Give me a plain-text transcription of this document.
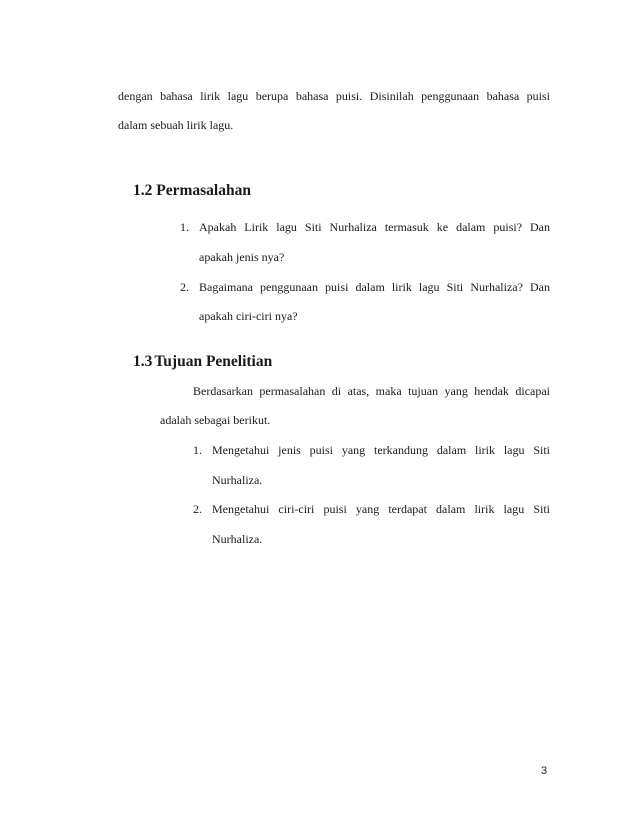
dengan bahasa lirik lagu berupa bahasa puisi. Disinilah penggunaan bahasa puisi
dalam sebuah lirik lagu.
1.2 Permasalahan
1. Apakah Lirik lagu Siti Nurhaliza termasuk ke dalam puisi? Dan
apakah jenis nya?
2. Bagaimana penggunaan puisi dalam lirik lagu Siti Nurhaliza? Dan
apakah ciri-ciri nya?
1.3 Tujuan Penelitian
Berdasarkan permasalahan di atas, maka tujuan yang hendak dicapai
adalah sebagai berikut.
1. Mengetahui jenis puisi yang terkandung dalam lirik lagu Siti
Nurhaliza.
2. Mengetahui ciri-ciri puisi yang terdapat dalam lirik lagu Siti
Nurhaliza.
3
